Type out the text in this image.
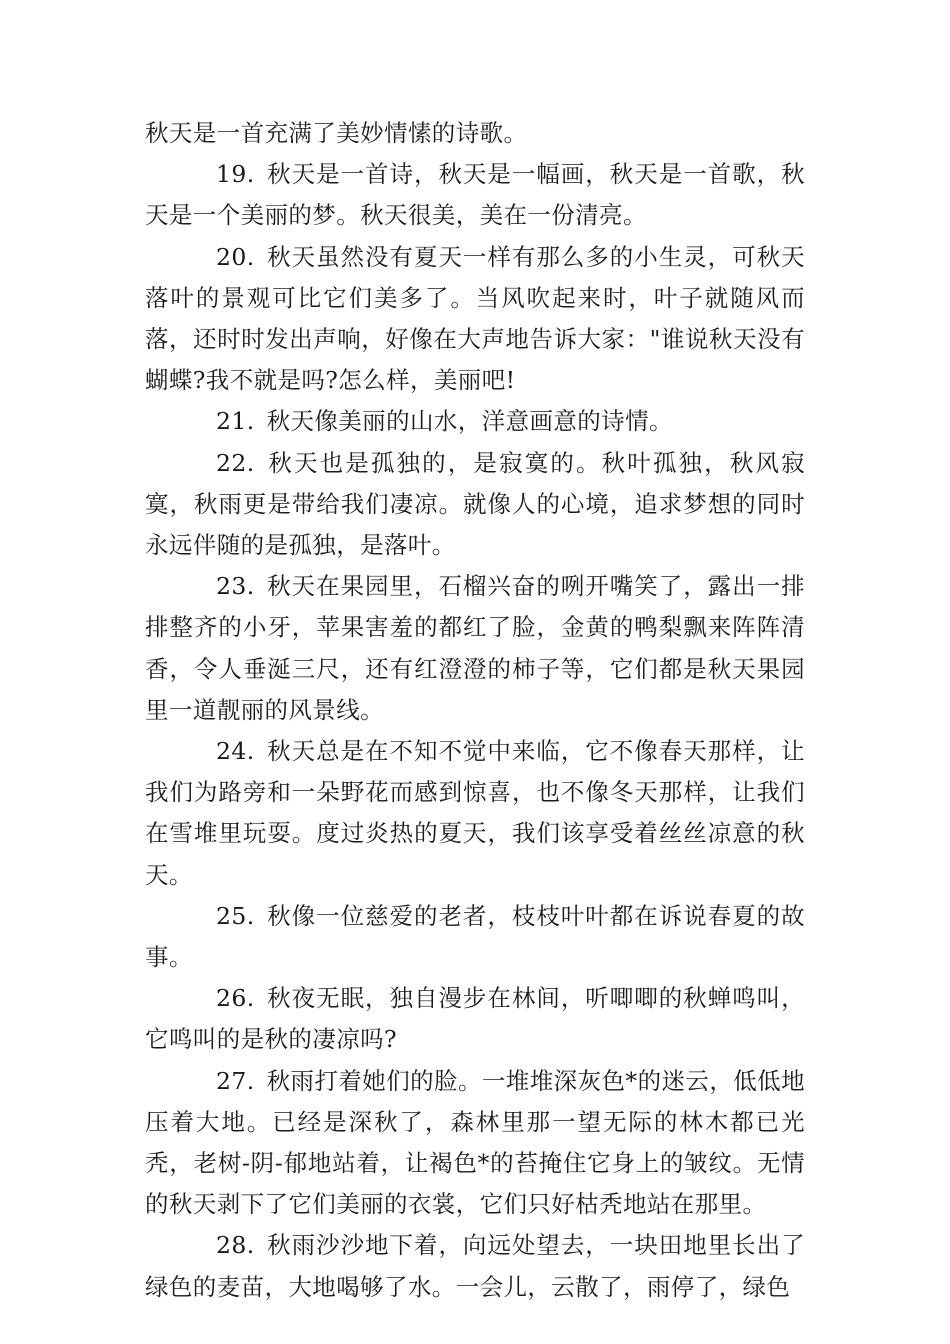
秋天是一首充满了美妙情愫的诗歌。

19. 秋天是一首诗，秋天是一幅画，秋天是一首歌，秋天是一个美丽的梦。秋天很美，美在一份清亮。

20. 秋天虽然没有夏天一样有那么多的小生灵，可秋天落叶的景观可比它们美多了。当风吹起来时，叶子就随风而落，还时时发出声响，好像在大声地告诉大家："谁说秋天没有蝴蝶?我不就是吗?怎么样，美丽吧!

21. 秋天像美丽的山水，洋意画意的诗情。

22. 秋天也是孤独的，是寂寞的。秋叶孤独，秋风寂寞，秋雨更是带给我们凄凉。就像人的心境，追求梦想的同时永远伴随的是孤独，是落叶。

23. 秋天在果园里，石榴兴奋的咧开嘴笑了，露出一排排整齐的小牙，苹果害羞的都红了脸，金黄的鸭梨飘来阵阵清香，令人垂涎三尺，还有红澄澄的柿子等，它们都是秋天果园里一道靓丽的风景线。

24. 秋天总是在不知不觉中来临，它不像春天那样，让我们为路旁和一朵野花而感到惊喜，也不像冬天那样，让我们在雪堆里玩耍。度过炎热的夏天，我们该享受着丝丝凉意的秋天。

25. 秋像一位慈爱的老者，枝枝叶叶都在诉说春夏的故事。

26. 秋夜无眠，独自漫步在林间，听唧唧的秋蝉鸣叫，它鸣叫的是秋的凄凉吗?

27. 秋雨打着她们的脸。一堆堆深灰色*的迷云，低低地压着大地。已经是深秋了，森林里那一望无际的林木都已光秃，老树-阴-郁地站着，让褐色*的苔掩住它身上的皱纹。无情的秋天剥下了它们美丽的衣裳，它们只好枯秃地站在那里。

28. 秋雨沙沙地下着，向远处望去，一块田地里长出了绿色的麦苗，大地喝够了水。一会儿，云散了，雨停了，绿色
